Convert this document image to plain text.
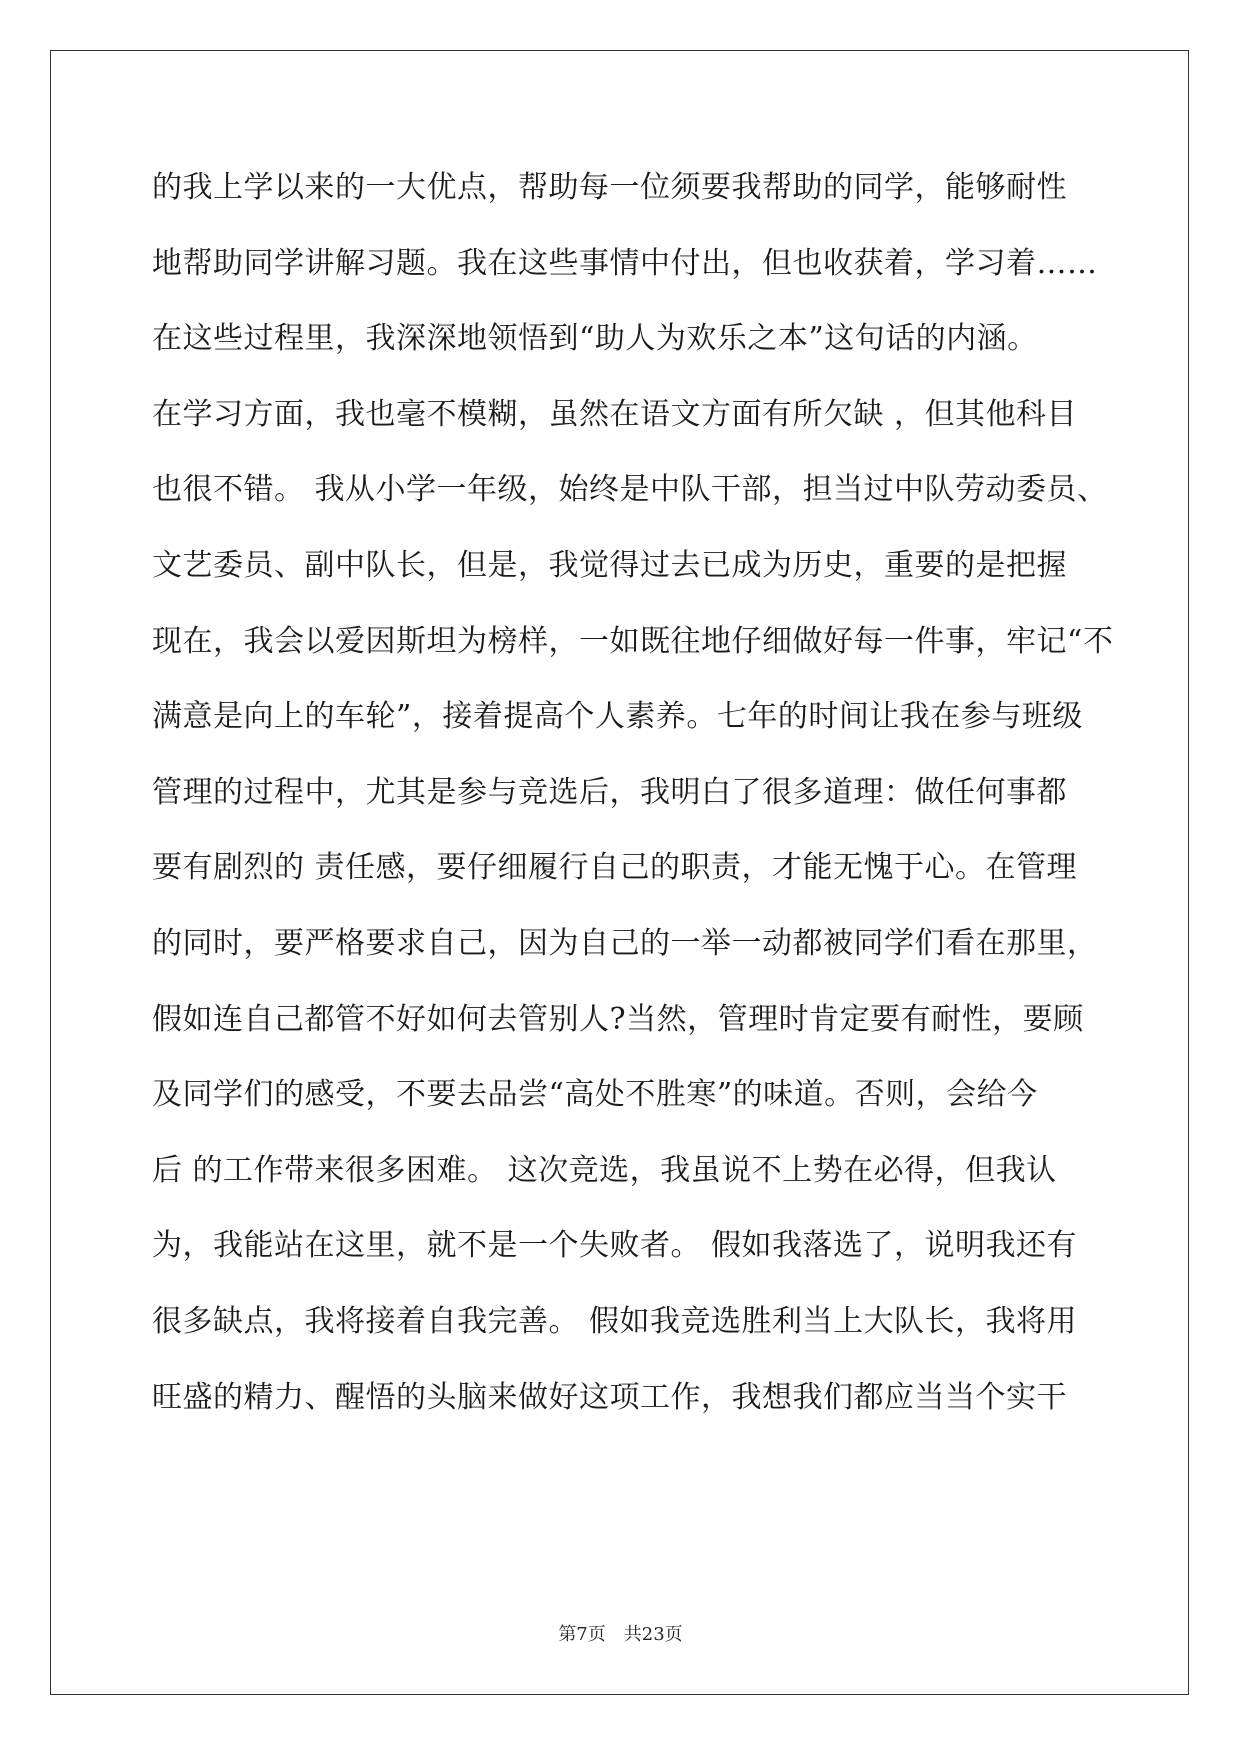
的我上学以来的一大优点，帮助每一位须要我帮助的同学，能够耐性
地帮助同学讲解习题。我在这些事情中付出，但也收获着，学习着……
在这些过程里，我深深地领悟到“助人为欢乐之本”这句话的内涵。
在学习方面，我也毫不模糊，虽然在语文方面有所欠缺 ，但其他科目
也很不错。 我从小学一年级，始终是中队干部，担当过中队劳动委员、
文艺委员、副中队长，但是，我觉得过去已成为历史，重要的是把握
现在，我会以爱因斯坦为榜样，一如既往地仔细做好每一件事，牢记“不
满意是向上的车轮”，接着提高个人素养。七年的时间让我在参与班级
管理的过程中，尤其是参与竞选后，我明白了很多道理：做任何事都
要有剧烈的 责任感，要仔细履行自己的职责，才能无愧于心。在管理
的同时，要严格要求自己，因为自己的一举一动都被同学们看在那里，
假如连自己都管不好如何去管别人?当然，管理时肯定要有耐性，要顾
及同学们的感受，不要去品尝“高处不胜寒”的味道。否则，会给今
后 的工作带来很多困难。 这次竞选，我虽说不上势在必得，但我认
为，我能站在这里，就不是一个失败者。 假如我落选了，说明我还有
很多缺点，我将接着自我完善。 假如我竞选胜利当上大队长，我将用
旺盛的精力、醒悟的头脑来做好这项工作，我想我们都应当当个实干
第7页　共23页
